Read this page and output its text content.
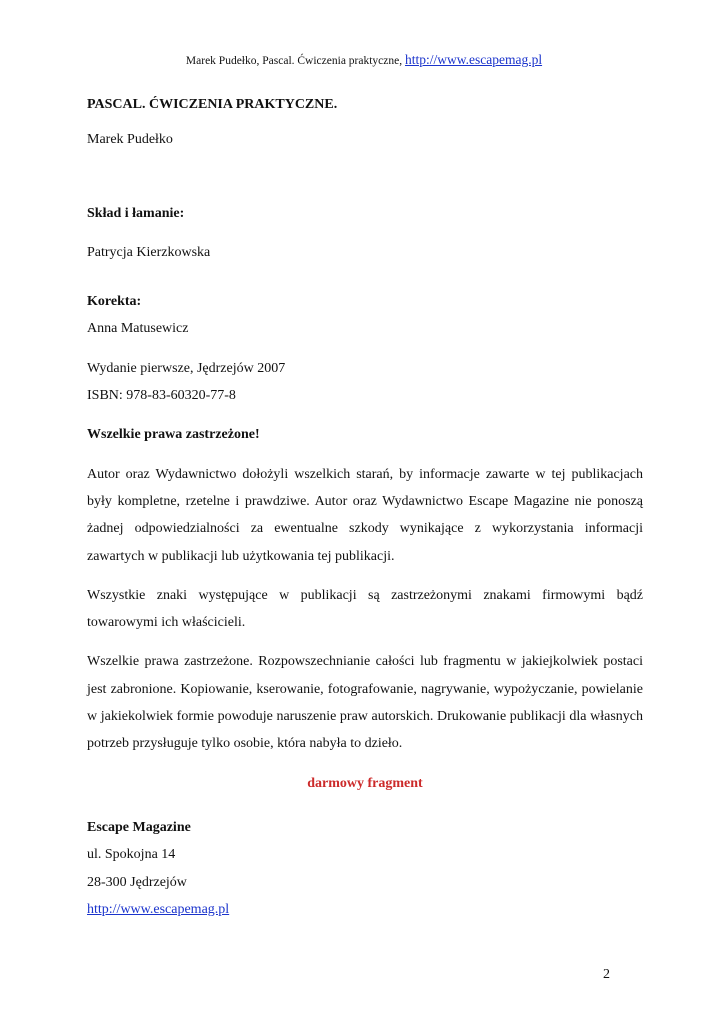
Marek Pudełko, Pascal. Ćwiczenia praktyczne, http://www.escapemag.pl

PASCAL. ĆWICZENIA PRAKTYCZNE.

Marek Pudełko

Skład i łamanie:

Patrycja Kierzkowska

Korekta:

Anna Matusewicz

Wydanie pierwsze, Jędrzejów 2007

ISBN: 978-83-60320-77-8

Wszelkie prawa zastrzeżone!

Autor oraz Wydawnictwo dołożyli wszelkich starań, by informacje zawarte w tej publikacjach były kompletne, rzetelne i prawdziwe. Autor oraz Wydawnictwo Escape Magazine nie ponoszą żadnej odpowiedzialności za ewentualne szkody wynikające z wykorzystania informacji zawartych w publikacji lub użytkowania tej publikacji.

Wszystkie znaki występujące w publikacji są zastrzeżonymi znakami firmowymi bądź towarowymi ich właścicieli.

Wszelkie prawa zastrzeżone. Rozpowszechnianie całości lub fragmentu w jakiejkolwiek postaci jest zabronione. Kopiowanie, kserowanie, fotografowanie, nagrywanie, wypożyczanie, powielanie w jakiekolwiek formie powoduje naruszenie praw autorskich. Drukowanie publikacji dla własnych potrzeb przysługuje tylko osobie, która nabyła to dzieło.

darmowy fragment

Escape Magazine

ul. Spokojna 14

28-300 Jędrzejów

http://www.escapemag.pl

2
